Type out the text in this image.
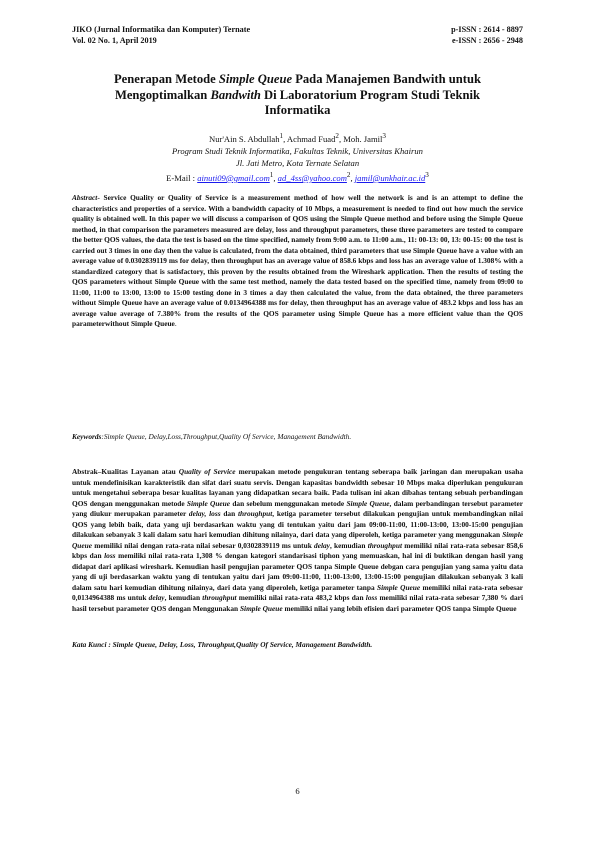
JIKO (Jurnal Informatika dan Komputer) Ternate
Vol. 02 No. 1, April 2019
p-ISSN : 2614 - 8897
e-ISSN : 2656 - 2948
Penerapan Metode Simple Queue Pada Manajemen Bandwith untuk
Mengoptimalkan Bandwith Di Laboratorium Program Studi Teknik
Informatika
Nur'Ain S. Abdullah$^1$, Achmad Fuad$^2$, Moh. Jamil$^3$
Program Studi Teknik Informatika, Fakultas Teknik, Universitas Khairun
Jl. Jati Metro, Kota Ternate Selatan
E-Mail : ainuti09@gmail.com$^1$, ad_4ss@yahoo.com$^2$, $jamil@unkhair.ac.id^3$
Abstract- Service Quality or Quality of Service is a measurement method of how well the network is and is an attempt to define the characteristics and properties of a service. With a bandwidth capacity of 10 Mbps, a measurement is needed to find out how much the service quality is obtained well. In this paper we will discuss a comparison of QOS using the Simple Queue method and before using the Simple Queue method, in that comparison the parameters measured are delay, loss and throughput parameters, these three parameters are tested to compare the better QOS values, the data the test is based on the time specified, namely from 9:00 a.m. to 11:00 a.m., 11: 00-13: 00, 13: 00-15: 00 the test is carried out 3 times in one day then the value is calculated, from the data obtained, third parameters that use Simple Queue have a value with an average value of 0.0302839119 ms for delay, then throughput has an average value of 858.6 kbps and loss has an average value of 1.308% with a standardized category that is satisfactory, this proven by the results obtained from the Wireshark application. Then the results of testing the QOS parameters without Simple Queue with the same test method, namely the data tested based on the specified time, namely from 09:00 to 11:00, 11:00 to 13:00, 13:00 to 15:00 testing done in 3 times a day then calculated the value, from the data obtained, the three parameters without Simple Queue have an average value of 0.0134964388 ms for delay, then throughput has an average value of 483.2 kbps and loss has an average value average of 7.380% from the results of the QOS parameter using Simple Queue has a more efficient value than the QOS parameterwithout Simple Queue.
Keywords:Simple Queue, Delay,Loss,Throughput,Quality Of Service, Management Bandwidth.
Abstrak–Kualitas Layanan atau Quality of Service merupakan metode pengukuran tentang seberapa baik jaringan dan merupakan usaha untuk mendefinisikan karakteristik dan sifat dari suatu servis. Dengan kapasitas bandwidth sebesar 10 Mbps maka diperlukan pengukuran untuk mengetahui seberapa besar kualitas layanan yang didapatkan secara baik. Pada tulisan ini akan dibahas tentang sebuah perbandingan QOS dengan menggunakan metode Simple Queue dan sebelum menggunakan metode Simple Queue, dalam perbandingan tersebut parameter yang diukur merupakan parameter delay, loss dan throughput, ketiga parameter tersebut dilakukan pengujian untuk membandingkan nilai QOS yang lebih baik, data yang uji berdasarkan waktu yang di tentukan yaitu dari jam 09:00-11:00, 11:00-13:00, 13:00-15:00 pengujian dilakukan sebanyak 3 kali dalam satu hari kemudian dihitung nilainya, dari data yang diperoleh, ketiga parameter yang menggunakan Simple Queue memiliki nilai dengan rata-rata nilai sebesar 0,0302839119 ms untuk delay, kemudian throughput memiliki nilai rata-rata sebesar 858,6 kbps dan loss memiliki nilai rata-rata 1,308 % dengan kategori standarisasi tiphon yang memuaskan, hal ini di buktikan dengan hasil yang didapat dari aplikasi wireshark. Kemudian hasil pengujian parameter QOS tanpa Simple Queue debgan cara pengujian yang sama yaitu data yang di uji berdasarkan waktu yang di tentukan yaitu dari jam 09:00-11:00, 11:00-13:00, 13:00-15:00 pengujian dilakukan sebanyak 3 kali dalam satu hari kemudian dihitung nilainya, dari data yang diperoleh, ketiga parameter tanpa Simple Queue memiliki nilai rata-rata sebesar 0,0134964388 ms untuk delay, kemudian throughput memiliki nilai rata-rata 483,2 kbps dan loss memiliki nilai rata-rata sebesar 7,380 % dari hasil tersebut parameter QOS dengan Menggunakan Simple Queue memiliki nilai yang lebih efisien dari parameter QOS tanpa Simple Queue
Kata Kunci : Simple Queue, Delay, Loss, Throughput,Quality Of Service, Management Bandwidth.
6
